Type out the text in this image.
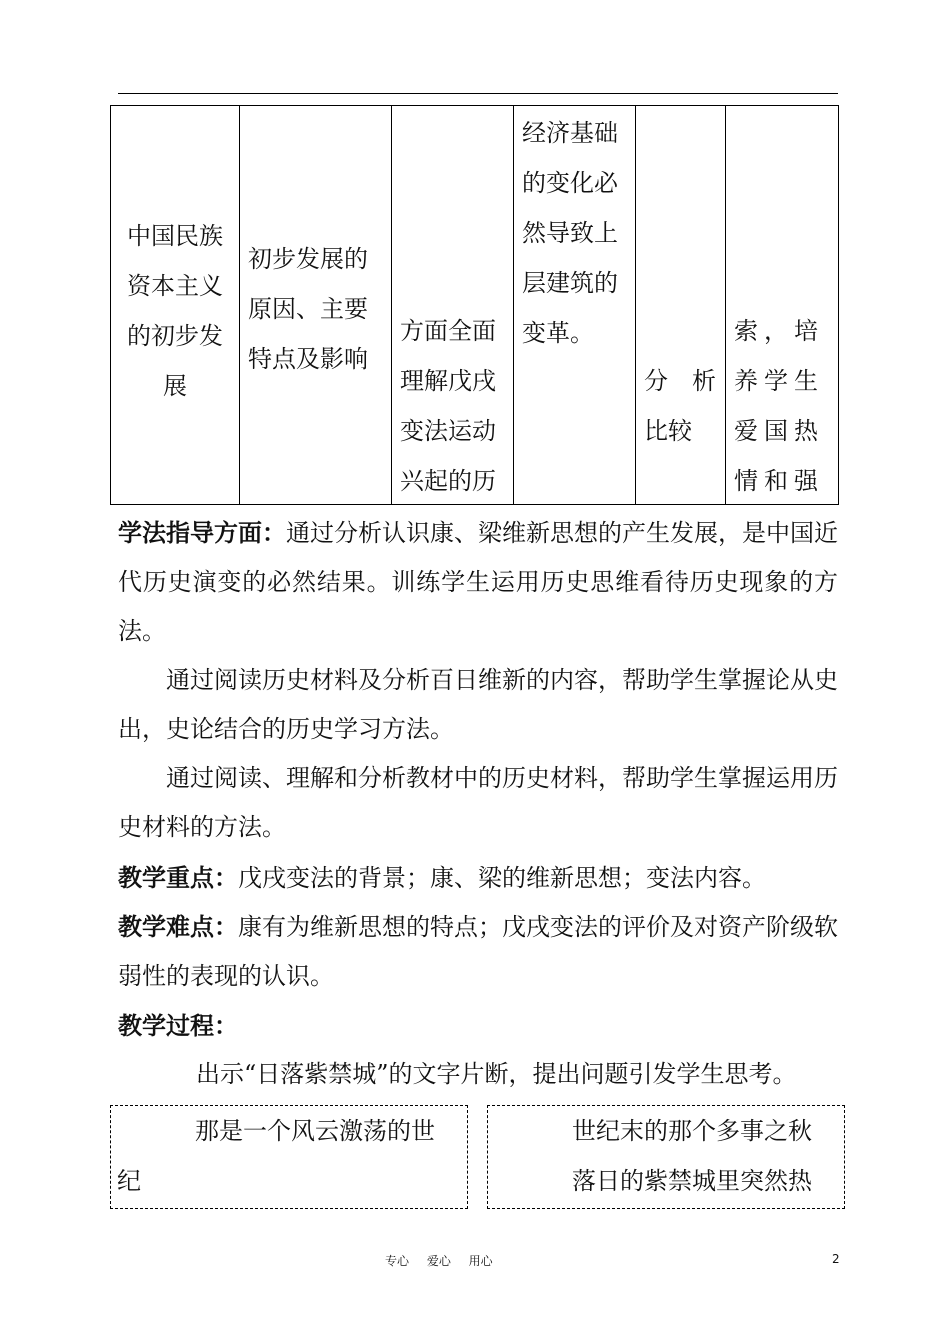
中国民族
资本主义
的初步发
展

初步发展的
原因、主要
特点及影响

方面全面
理解戊戌
变法运动
兴起的历

经济基础
的变化必
然导致上
层建筑的
变革。

分　析
比较

索，培
养学生
爱国热
情和强
学法指导方面：通过分析认识康、梁维新思想的产生发展，是中国近代历史演变的必然结果。训练学生运用历史思维看待历史现象的方法。
通过阅读历史材料及分析百日维新的内容，帮助学生掌握论从史出，史论结合的历史学习方法。
通过阅读、理解和分析教材中的历史材料，帮助学生掌握运用历史材料的方法。
教学重点：戊戌变法的背景；康、梁的维新思想；变法内容。
教学难点：康有为维新思想的特点；戊戌变法的评价及对资产阶级软弱性的表现的认识。
教学过程：
出示“日落紫禁城”的文字片断，提出问题引发学生思考。
那是一个风云激荡的世
纪
世纪末的那个多事之秋
落日的紫禁城里突然热
专心 爱心 用心	2
